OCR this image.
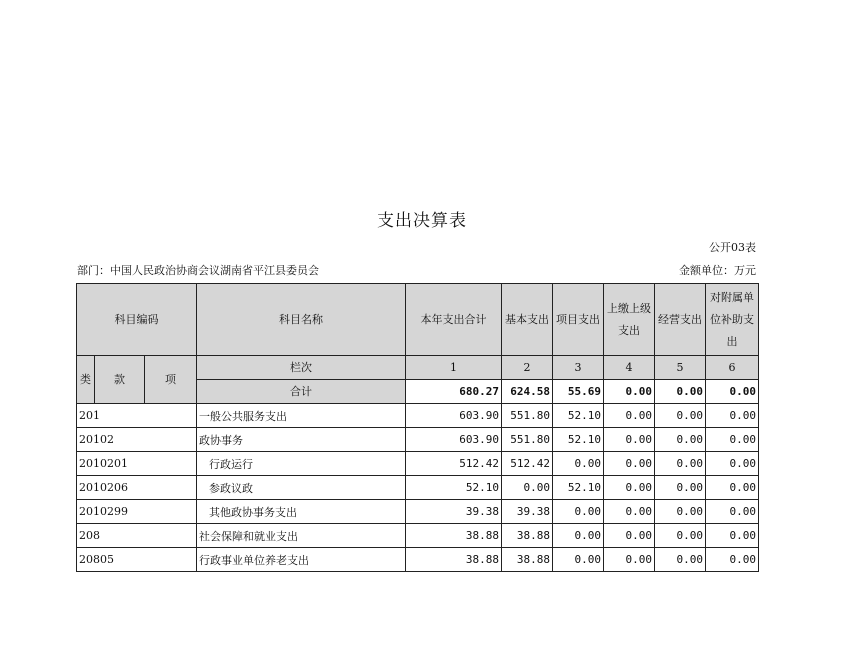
支出决算表
公开03表
部门：中国人民政治协商会议湖南省平江县委员会	金额单位：万元
科目编码			科目名称	本年支出合计	基本支出	项目支出	上缴上级支出	经营支出	对附属单位补助支出
类	款	项	栏次	1	2	3	4	5	6
			合计	680.27	624.58	55.69	0.00	0.00	0.00
201			一般公共服务支出	603.90	551.80	52.10	0.00	0.00	0.00
20102			政协事务	603.90	551.80	52.10	0.00	0.00	0.00
2010201			行政运行	512.42	512.42	0.00	0.00	0.00	0.00
2010206			参政议政	52.10	0.00	52.10	0.00	0.00	0.00
2010299			其他政协事务支出	39.38	39.38	0.00	0.00	0.00	0.00
208			社会保障和就业支出	38.88	38.88	0.00	0.00	0.00	0.00
20805			行政事业单位养老支出	38.88	38.88	0.00	0.00	0.00	0.00
